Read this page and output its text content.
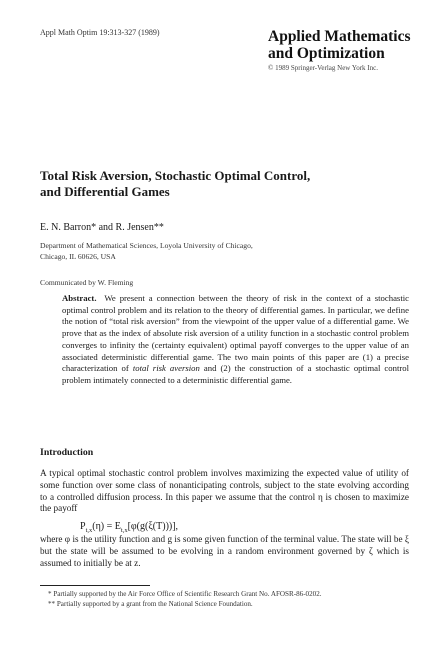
Appl Math Optim 19:313-327 (1989)	Applied Mathematics
and Optimization
© 1989 Springer-Verlag New York Inc.
Total Risk Aversion, Stochastic Optimal Control,
and Differential Games
E. N. Barron* and R. Jensen**
Department of Mathematical Sciences, Loyola University of Chicago,
Chicago, IL 60626, USA
Communicated by W. Fleming
Abstract. We present a connection between the theory of risk in the context of a stochastic optimal control problem and its relation to the theory of differential games. In particular, we define the notion of “total risk aversion” from the viewpoint of the upper value of a differential game. We prove that as the index of absolute risk aversion of a utility function in a stochastic control problem converges to infinity the (certainty equivalent) optimal payoff converges to the upper value of an associated deterministic differential game. The two main points of this paper are (1) a precise characterization of total risk aversion and (2) the construction of a stochastic optimal control problem intimately connected to a deterministic differential game.
Introduction
A typical optimal stochastic control problem involves maximizing the expected value of utility of some function over some class of nonanticipating controls, subject to the state evolving according to a controlled diffusion process. In this paper we assume that the control η is chosen to maximize the payoff
$P_{t,x}(\eta) = E_{t,x}[\varphi(g(\xi(T)))]$,
where φ is the utility function and g is some given function of the terminal value. The state will be ξ but the state will be assumed to be evolving in a random environment governed by ζ which is assumed to initially be at z.
* Partially supported by the Air Force Office of Scientific Research Grant No. AFOSR-86-0202.
** Partially supported by a grant from the National Science Foundation.
